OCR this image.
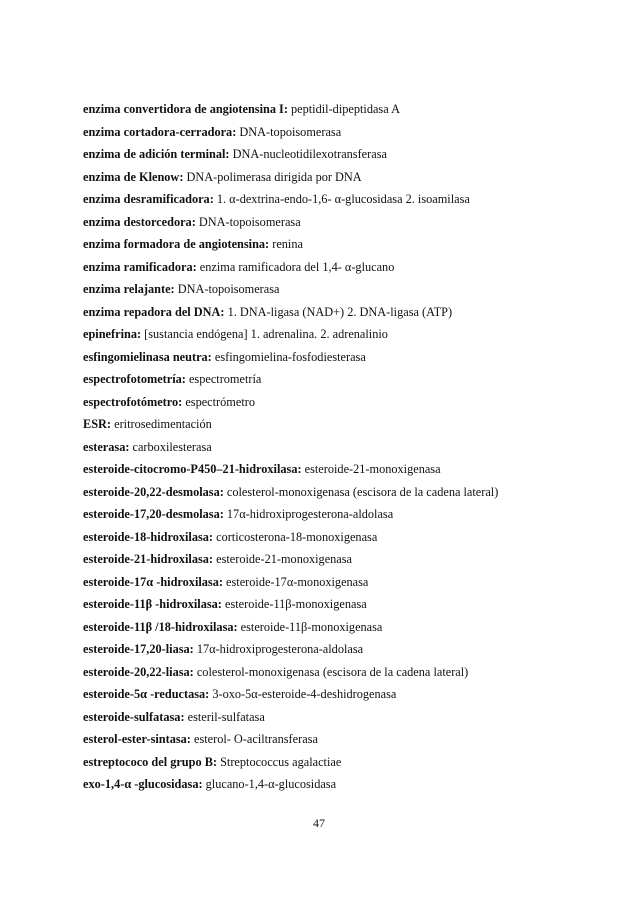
enzima convertidora de angiotensina I: peptidil-dipeptidasa A
enzima cortadora-cerradora: DNA-topoisomerasa
enzima de adición terminal: DNA-nucleotidilexotransferasa
enzima de Klenow: DNA-polimerasa dirigida por DNA
enzima desramificadora: 1. α-dextrina-endo-1,6- α-glucosidasa 2. isoamilasa
enzima destorcedora: DNA-topoisomerasa
enzima formadora de angiotensina: renina
enzima ramificadora: enzima ramificadora del 1,4- α-glucano
enzima relajante: DNA-topoisomerasa
enzima repadora del DNA: 1. DNA-ligasa (NAD+) 2. DNA-ligasa (ATP)
epinefrina: [sustancia endógena] 1. adrenalina. 2. adrenalinio
esfingomielinasa neutra: esfingomielina-fosfodiesterasa
espectrofotometría: espectrometría
espectrofotómetro: espectrómetro
ESR: eritrosedimentación
esterasa: carboxilesterasa
esteroide-citocromo-P450–21-hidroxilasa: esteroide-21-monoxigenasa
esteroide-20,22-desmolasa: colesterol-monoxigenasa (escisora de la cadena lateral)
esteroide-17,20-desmolasa: 17α-hidroxiprogesterona-aldolasa
esteroide-18-hidroxilasa: corticosterona-18-monoxigenasa
esteroide-21-hidroxilasa: esteroide-21-monoxigenasa
esteroide-17α -hidroxilasa: esteroide-17α-monoxigenasa
esteroide-11β -hidroxilasa: esteroide-11β-monoxigenasa
esteroide-11β /18-hidroxilasa: esteroide-11β-monoxigenasa
esteroide-17,20-liasa: 17α-hidroxiprogesterona-aldolasa
esteroide-20,22-liasa: colesterol-monoxigenasa (escisora de la cadena lateral)
esteroide-5α -reductasa: 3-oxo-5α-esteroide-4-deshidrogenasa
esteroide-sulfatasa: esteril-sulfatasa
esterol-ester-sintasa: esterol- O-aciltransferasa
estreptococo del grupo B: Streptococcus agalactiae
exo-1,4-α -glucosidasa: glucano-1,4-α-glucosidasa
47
